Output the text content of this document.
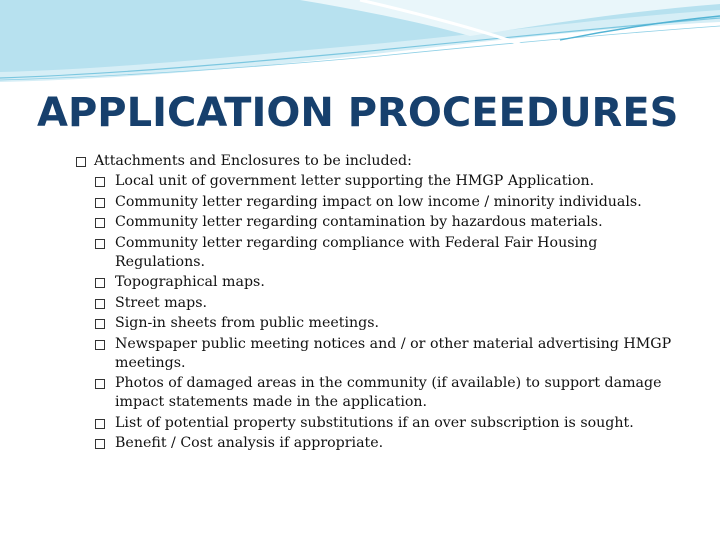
APPLICATION PROCEEDURES
Attachments and Enclosures to be included:
Local unit of government letter supporting the HMGP Application.
Community letter regarding impact on low income / minority individuals.
Community letter regarding contamination by hazardous materials.
Community letter regarding compliance with Federal Fair Housing Regulations.
Topographical maps.
Street maps.
Sign-in sheets from public meetings.
Newspaper public meeting notices and / or other material advertising HMGP meetings.
Photos of damaged areas in the community (if available) to support damage impact statements made in the application.
List of potential property substitutions if an over subscription is sought.
Benefit / Cost analysis if appropriate.
